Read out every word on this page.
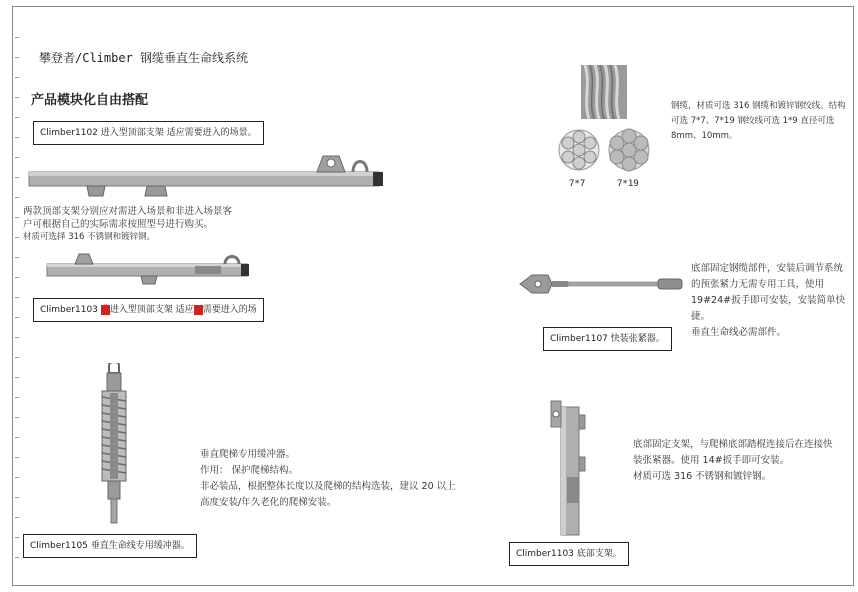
攀登者/Climber 钢缆垂直生命线系统
产品模块化自由搭配
Climber1102 进入型顶部支架 适应需要进入的场景。
两款顶部支架分别应对需进入场景和非进入场景客
户可根据自己的实际需求按照型号进行购买。
材质可选择 316 不锈钢和镀锌钢。
Climber1103 非进入型顶部支架 适应不需要进入的场
7*7	7*19
钢缆，材质可选 316 钢缆和镀锌钢绞线。结构可选 7*7、7*19 钢绞线可选 1*9 直径可选 8mm、10mm。
底部固定钢缆部件，安装后调节系统的预张紧力无需专用工具，使用 19#24#扳手即可安装，安装简单快捷。
垂直生命线必需部件。
Climber1107 快装张紧器。
垂直爬梯专用缓冲器。
作用： 保护爬梯结构。
非必装品，根据整体长度以及爬梯的结构选装，建议 20 以上
高度安装/年久老化的爬梯安装。
Climber1105 垂直生命线专用缓冲器。
底部固定支架，与爬梯底部踏棍连接后在连接快装张紧器。使用 14#扳手即可安装。
材质可选 316 不锈钢和镀锌钢。
Climber1103 底部支架。
